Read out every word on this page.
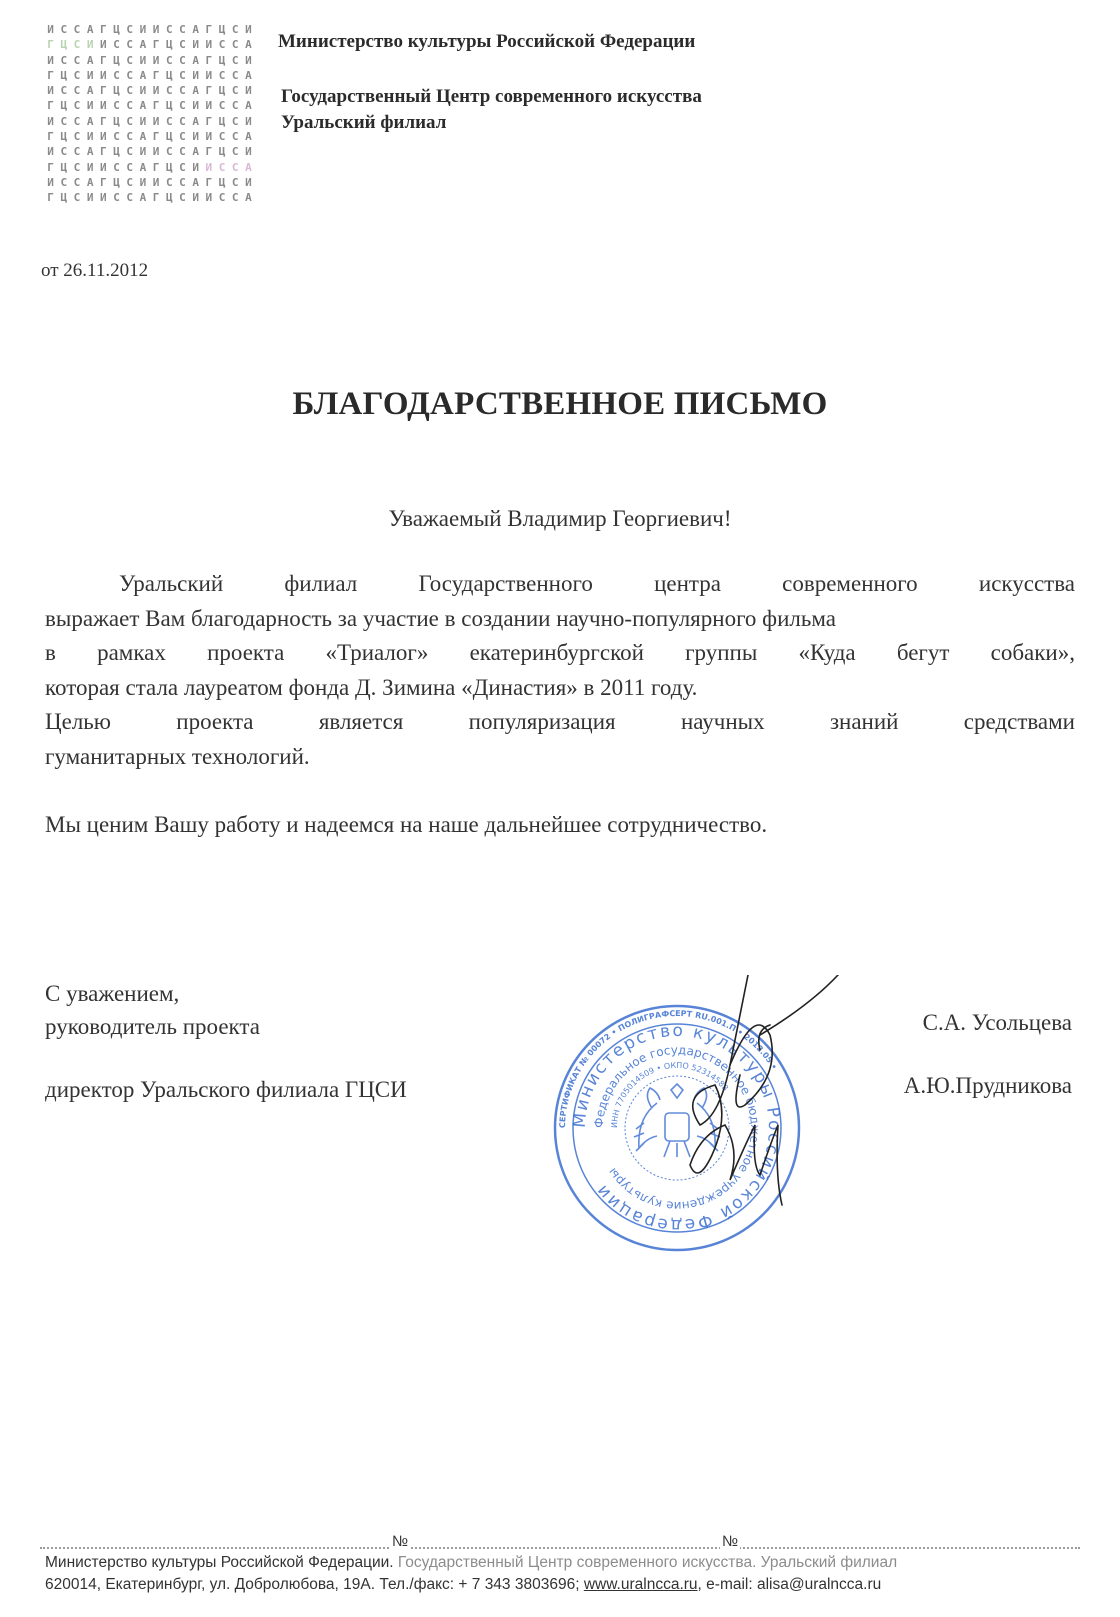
И С С А Г Ц С И И С С А Г Ц С И
Г Ц С И И С С А Г Ц С И И С С А
И С С А Г Ц С И И С С А Г Ц С И
Г Ц С И И С С А Г Ц С И И С С А
И С С А Г Ц С И И С С А Г Ц С И
Г Ц С И И С С А Г Ц С И И С С А
И С С А Г Ц С И И С С А Г Ц С И
Г Ц С И И С С А Г Ц С И И С С А
И С С А Г Ц С И И С С А Г Ц С И
Г Ц С И И С С А Г Ц С И И С С А
И С С А Г Ц С И И С С А Г Ц С И
Г Ц С И И С С А Г Ц С И И С С А
Министерство культуры Российской Федерации
Государственный Центр современного искусства
Уральский филиал
от 26.11.2012
БЛАГОДАРСТВЕННОЕ ПИСЬМО
Уважаемый Владимир Георгиевич!
Уральский филиал Государственного центра современного искусства
выражает Вам благодарность за участие в создании научно-популярного фильма
в рамках проекта «Триалог» екатеринбургской группы «Куда бегут собаки»,
которая стала лауреатом фонда Д. Зимина «Династия» в 2011 году.
Целью проекта является популяризация научных знаний средствами
гуманитарных технологий.
Мы ценим Вашу работу и надеемся на наше дальнейшее сотрудничество.
С уважением,
руководитель проекта
директор Уральского филиала ГЦСИ
С.А. Усольцева
А.Ю.Прудникова
СЕРТИФИКАТ № 00072 • ПОЛИГРАФСЕРТ RU.001.П • 2012.05 •
Министерство культуры Российской Федерации
Федеральное государственное бюджетное учреждение культуры
ИНН 7705014509 • ОКПО 52314588
№	№
Министерство культуры Российской Федерации. Государственный Центр современного искусства. Уральский филиал
620014, Екатеринбург, ул. Добролюбова, 19А. Тел./факс: + 7 343 3803696; www.uralncca.ru, e-mail: alisa@uralncca.ru
